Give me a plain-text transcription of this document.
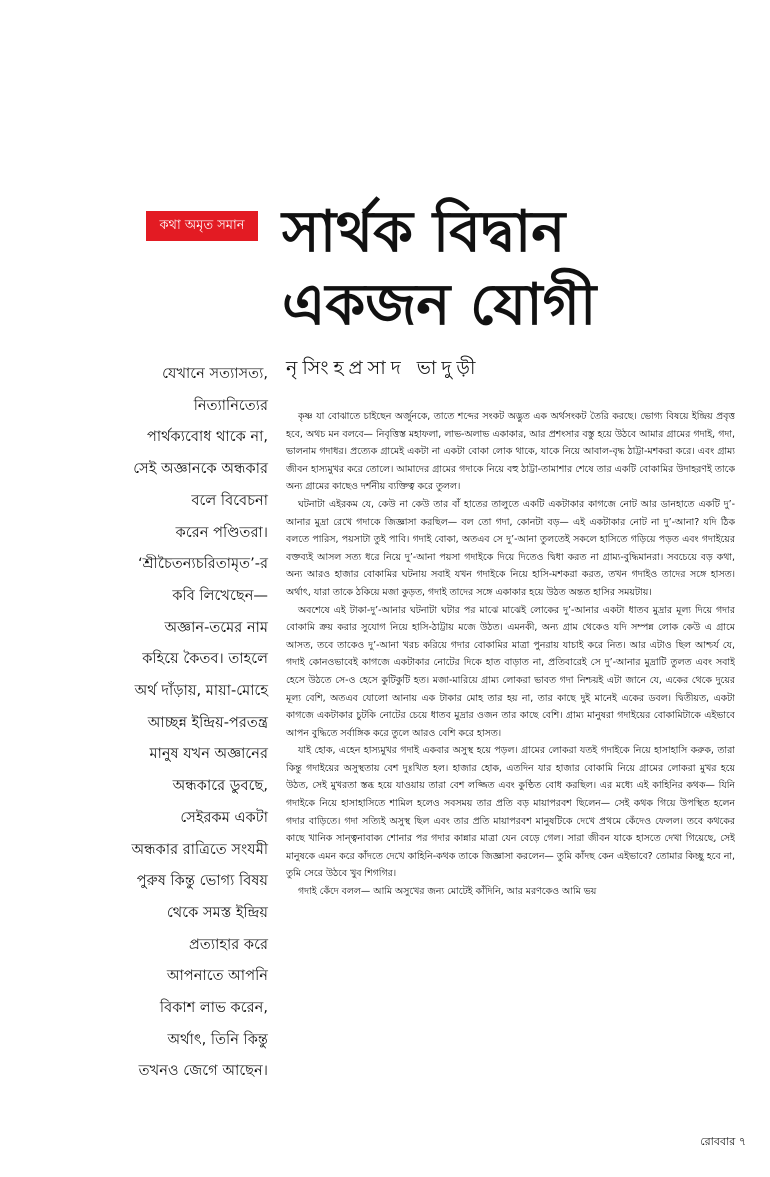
কথা অমৃত সমান সার্থক বিদ্বান
একজন যোগী
নৃসিংহপ্রসাদ ভাদুড়ী
যেখানে সত্যাসত্য,
নিত্যানিত্যের
পার্থক্যবোধ থাকে না,
সেই অজ্ঞানকে অন্ধকার
বলে বিবেচনা
করেন পণ্ডিতরা।
‘শ্রীচৈতন্যচরিতামৃত’-র
কবি লিখেছেন—
অজ্ঞান-তমের নাম
কহিয়ে কৈতব। তাহলে
অর্থ দাঁড়ায়, মায়া-মোহে
আচ্ছন্ন ইন্দ্রিয়-পরতন্ত্র
মানুষ যখন অজ্ঞানের
অন্ধকারে ডুবছে,
সেইরকম একটা
অন্ধকার রাত্রিতে সংযমী
পুরুষ কিন্তু ভোগ্য বিষয়
থেকে সমস্ত ইন্দ্রিয়
প্রত্যাহার করে
আপনাতে আপনি
বিকাশ লাভ করেন,
অর্থাৎ, তিনি কিন্তু
তখনও জেগে আছেন।

কৃষ্ণ যা বোঝাতে চাইছেন অর্জুনকে, তাতে শব্দের সংকট অদ্ভুত এক অর্থসংকট তৈরি করছে। ভোগ্য বিষয়ে ইন্দ্রিয় প্রবৃত্ত হবে, অথচ মন বলবে— নিবৃত্তিস্ত মহাফলা, লাভ-অলাভ একাকার, আর প্রশংসার বস্তু হয়ে উঠবে আমার গ্রামের গদাই, গদা, ভালনাম গদাধর। প্রত্যেক গ্রামেই একটা না একটা বোকা লোক থাকে, যাকে নিয়ে আবাল-বৃদ্ধ ঠাট্টা-মশকরা করে। এবং গ্রাম্য জীবন হাস্যমুখর করে তোলে। আমাদের গ্রামের গদাকে নিয়ে বহু ঠাট্টা-তামাশার শেষে তার একটি বোকামির উদাহরণই তাকে অন্য গ্রামের কাছেও দর্শনীয় ব্যক্তিত্ব করে তুলল।

ঘটনাটা এইরকম যে, কেউ না কেউ তার বাঁ হাতের তালুতে একটি একটাকার কাগজে নোট আর ডানহাতে একটি দু’-আনার মুদ্রা রেখে গদাকে জিজ্ঞাসা করছিল— বল তো গদা, কোনটা বড়— এই একটাকার নোট না দু’-আনা? যদি ঠিক বলতে পারিস, পয়সাটা তুই পাবি। গদাই বোকা, অতএব সে দু’-আনা তুলতেই সকলে হাসিতে গড়িয়ে পড়ত এবং গদাইয়ের বক্তব্যই আসল সত্য ধরে নিয়ে দু’-আনা পয়সা গদাইকে দিয়ে দিতেও দ্বিধা করত না গ্রাম্য-বুদ্ধিমানরা। সবচেয়ে বড় কথা, অন্য আরও হাজার বোকামির ঘটনায় সবাই যখন গদাইকে নিয়ে হাসি-মশকরা করত, তখন গদাইও তাদের সঙ্গে হাসত। অর্থাৎ, যারা তাকে ঠকিয়ে মজা কুড়ত, গদাই তাদের সঙ্গে একাকার হয়ে উঠত অন্তত হাসির সময়টায়।

অবশেষে এই টাকা-দু’-আনার ঘটনাটা ঘটার পর মাঝে মাঝেই লোকের দু’-আনার একটা ধাতব মুদ্রার মূল্য দিয়ে গদার বোকামি ক্রয় করার সুযোগ নিয়ে হাসি-ঠাট্টায় মজে উঠত। এমনকী, অন্য গ্রাম থেকেও যদি সম্পন্ন লোক কেউ এ গ্রামে আসত, তবে তাকেও দু’-আনা খরচ করিয়ে গদার বোকামির মাত্রা পুনরায় যাচাই করে নিত। আর এটাও ছিল আশ্চর্য যে, গদাই কোনওভাবেই কাগজে একটাকার নোটের দিকে হাত বাড়াত না, প্রতিবারেই সে দু’-আনার মুদ্রাটি তুলত এবং সবাই হেসে উঠতে সে-ও হেসে কুটিকুটি হত। মজা-মারিয়ে গ্রাম্য লোকরা ভাবত গদা নিশ্চয়ই এটা জানে যে, একের থেকে দুয়ের মূল্য বেশি, অতএব যোলো আনায় এক টাকার মোহ তার হয় না, তার কাছে দুই মানেই একের ডবল। দ্বিতীয়ত, একটা কাগজে একটাকার চুটকি নোটের চেয়ে ধাতব মুদ্রার ওজন তার কাছে বেশি। গ্রাম্য মানুষরা গদাইয়ের বোকামিটাকে এইভাবে আপন বুদ্ধিতে সর্বাঙ্গিক করে তুলে আরও বেশি করে হাসত।

যাই হোক, এহেন হাস্যমুখর গদাই একবার অসুস্থ হয়ে পড়ল। গ্রামের লোকরা যতই গদাইকে নিয়ে হাসাহাসি করুক, তারা কিন্তু গদাইয়ের অসুস্থতায় বেশ দুঃখিত হল। হাজার হোক, এতদিন যার হাজার বোকামি নিয়ে গ্রামের লোকরা মুখর হয়ে উঠত, সেই মুখরতা স্তব্ধ হয়ে যাওয়ায় তারা বেশ লজ্জিত এবং কুণ্ঠিত বোধ করছিল। এর মধ্যে এই কাহিনির কথক— যিনি গদাইকে নিয়ে হাসাহাসিতে শামিল হলেও সবসময় তার প্রতি বড় মায়াপরবশ ছিলেন— সেই কথক গিয়ে উপস্থিত হলেন গদার বাড়িতে। গদা সত্যিই অসুস্থ ছিল এবং তার প্রতি মায়াপরবশ মানুষটিকে দেখে প্রথমে কেঁদেও ফেলল। তবে কথকের কাছে খানিক সান্ত্বনাবাক্য শোনার পর গদার কান্নার মাত্রা যেন বেড়ে গেল। সারা জীবন যাকে হাসতে দেখা গিয়েছে, সেই মানুষকে এমন করে কাঁদতে দেখে কাহিনি-কথক তাকে জিজ্ঞাসা করলেন— তুমি কাঁদছ কেন এইভাবে? তোমার কিচ্ছু হবে না, তুমি সেরে উঠবে খুব শিগগির।

গদাই কেঁদে বলল— আমি অসুখের জন্য মোটেই কাঁদিনি, আর মরণকেও আমি ভয়

রোববার ৭
